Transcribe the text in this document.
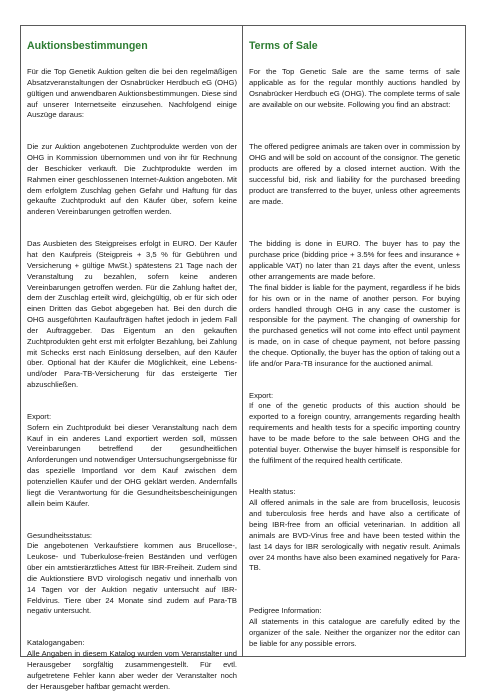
Auktionsbestimmungen

Für die Top Genetik Auktion gelten die bei den regelmäßigen Absatzveranstaltungen der Osnabrücker Herdbuch eG (OHG) gültigen und anwendbaren Auktionsbestimmungen. Diese sind auf unserer Internetseite einzusehen. Nachfolgend einige Auszüge daraus:

Die zur Auktion angebotenen Zuchtprodukte werden von der OHG in Kommission übernommen und von ihr für Rechnung der Beschicker verkauft. Die Zuchtprodukte werden im Rahmen einer geschlossenen Internet-Auktion angeboten. Mit dem erfolgtem Zuschlag gehen Gefahr und Haftung für das gekaufte Zuchtprodukt auf den Käufer über, sofern keine anderen Vereinbarungen getroffen werden.

Das Ausbieten des Steigpreises erfolgt in EURO. Der Käufer hat den Kaufpreis (Steigpreis + 3,5 % für Gebühren und Versicherung + gültige MwSt.) spätestens 21 Tage nach der Veranstaltung zu bezahlen, sofern keine anderen Vereinbarungen getroffen werden. Für die Zahlung haftet der, dem der Zuschlag erteilt wird, gleichgültig, ob er für sich oder einen Dritten das Gebot abgegeben hat. Bei den durch die OHG ausgeführten Kaufaufträgen haftet jedoch in jedem Fall der Auftraggeber. Das Eigentum an den gekauften Zuchtprodukten geht erst mit erfolgter Bezahlung, bei Zahlung mit Schecks erst nach Einlösung derselben, auf den Käufer über. Optional hat der Käufer die Möglichkeit, eine Lebens- und/oder Para-TB-Versicherung für das ersteigerte Tier abzuschließen.

Export:

Sofern ein Zuchtprodukt bei dieser Veranstaltung nach dem Kauf in ein anderes Land exportiert werden soll, müssen Vereinbarungen betreffend der gesundheitlichen Anforderungen und notwendiger Untersuchungsergebnisse für das spezielle Importland vor dem Kauf zwischen dem potenziellen Käufer und der OHG geklärt werden. Andernfalls liegt die Verantwortung für die Gesundheitsbescheinigungen allein beim Käufer.

Gesundheitsstatus:

Die angebotenen Verkaufstiere kommen aus Brucellose-, Leukose- und Tuberkulose-freien Beständen und verfügen über ein amtstierärztliches Attest für IBR-Freiheit. Zudem sind die Auktionstiere BVD virologisch negativ und innerhalb von 14 Tagen vor der Auktion negativ untersucht auf IBR-Feldvirus. Tiere über 24 Monate sind zudem auf Para-TB negativ untersucht.

Katalogangaben:

Alle Angaben in diesem Katalog wurden vom Veranstalter und Herausgeber sorgfältig zusammengestellt. Für evtl. aufgetretene Fehler kann aber weder der Veranstalter noch der Herausgeber haftbar gemacht werden.

Terms of Sale

For the Top Genetic Sale are the same terms of sale applicable as for the regular monthly auctions handled by Osnabrücker Herdbuch eG (OHG). The complete terms of sale are available on our website. Following you find an abstract:

The offered pedigree animals are taken over in commission by OHG and will be sold on account of the consignor. The genetic products are offered by a closed internet auction. With the successful bid, risk and liability for the purchased breeding product are transferred to the buyer, unless other agreements are made.

The bidding is done in EURO. The buyer has to pay the purchase price (bidding price + 3.5% for fees and insurance + applicable VAT) no later than 21 days after the event, unless other arrangements are made before.
The final bidder is liable for the payment, regardless if he bids for his own or in the name of another person. For buying orders handled through OHG in any case the customer is responsible for the payment. The changing of ownership for the purchased genetics will not come into effect until payment is made, on in case of cheque payment, not before passing the cheque. Optionally, the buyer has the option of taking out a life and/or Para-TB insurance for the auctioned animal.

Export:

If one of the genetic products of this auction should be exported to a foreign country, arrangements regarding health requirements and health tests for a specific importing country have to be made before to the sale between OHG and the potential buyer. Otherwise the buyer himself is responsible for the fulfilment of the required health certificate.

Health status:

All offered animals in the sale are from brucellosis, leucosis and tuberculosis free herds and have also a certificate of being IBR-free from an official veterinarian. In addition all animals are BVD-Virus free and have been tested within the last 14 days for IBR serologically with negativ result. Animals over 24 months have also been examined negatively for Para-TB.

Pedigree Information:

All statements in this catalogue are carefully edited by the organizer of the sale. Neither the organizer nor the editor can be liable for any possible errors.
